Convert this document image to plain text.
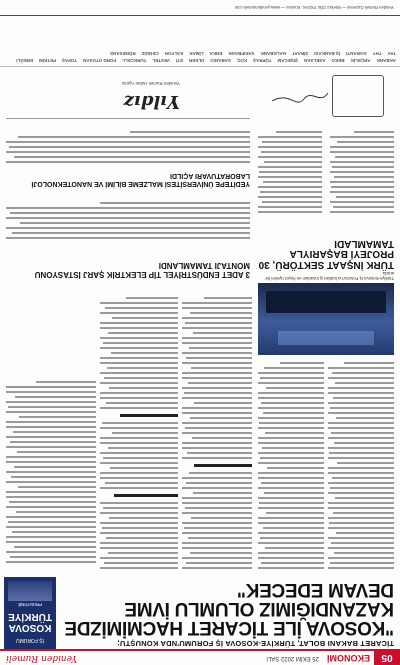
05
EKONOMİ
25 EKİM 2022 SALI
Yeniden Rumeli
TİCARET BAKANI BOLAT, TÜRKİYE-KOSOVA İŞ FORUMU'NDA KONUŞTU;
"KOSOVA İLE TİCARET HACMİMİZDE KAZANDIĞIMIZ OLUMLU İVME DEVAM EDECEK"
İŞ FORUMU
KOSOVA TÜRKİYE
PRISHTINË
Türkiye-Kosova İş Forumu'na katılan iş insanları ve heyet üyeleri bir arada.
TÜRK İNŞAAT SEKTÖRÜ, 30 PROJEYİ BAŞARIYLA TAMAMLADI
3 ADET ENDÜSTRİYEL TİP ELEKTRİK ŞARJ İSTASYONU MONTAJI TAMAMLANDI
YEDİTEPE ÜNİVERSİTESİ MALZEME BİLİMİ VE NANOTEKNOLOJİ LABORATUVARI AÇILDI
Yıldız
Yeniden Rumeli Haber Ajansı
AKBANK
ARÇELİK
BEKO
ASELSAN
ŞİŞECAM
TÜPRAŞ
KOÇ
SABANCI
ÜLKER
ETİ
VESTEL
TURKCELL
FORD OTOSAN
TOFAŞ
PETKİM
EREĞLİ
TAV
THY
GARANTİ
İŞ BANKASI
ZİRAAT
HALKBANK
VAKIFBANK
ENKA
LİMAK
KALYON
CENGİZ
RÖNESANS
Yeniden Rumeli Gazetesi — Merkez Ofis: Prizren, Kosova — www.yenidenrumeli.com
